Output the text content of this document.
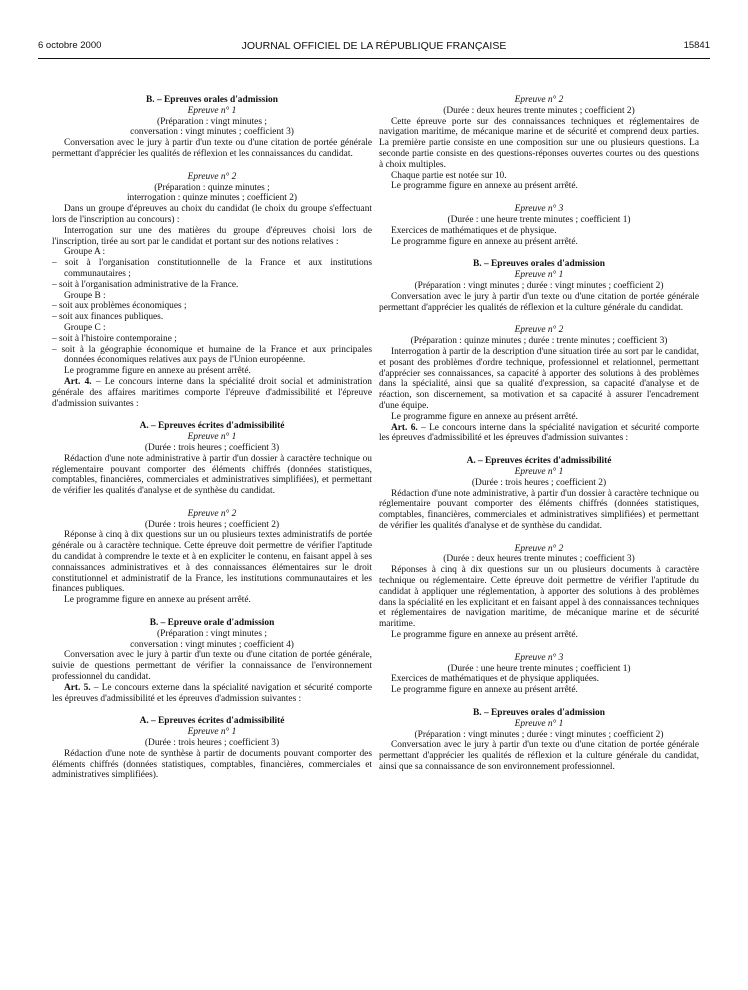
6 octobre 2000	JOURNAL OFFICIEL DE LA RÉPUBLIQUE FRANÇAISE	15841

B. – Epreuves orales d'admission

Epreuve n° 1

(Préparation : vingt minutes ;

conversation : vingt minutes ; coefficient 3)

Conversation avec le jury à partir d'un texte ou d'une citation de portée générale permettant d'apprécier les qualités de réflexion et les connaissances du candidat.

Epreuve n° 2

(Préparation : quinze minutes ;

interrogation : quinze minutes ; coefficient 2)

Dans un groupe d'épreuves au choix du candidat (le choix du groupe s'effectuant lors de l'inscription au concours) :

Interrogation sur une des matières du groupe d'épreuves choisi lors de l'inscription, tirée au sort par le candidat et portant sur des notions relatives :

Groupe A :

– soit à l'organisation constitutionnelle de la France et aux institutions communautaires ;

– soit à l'organisation administrative de la France.

Groupe B :

– soit aux problèmes économiques ;

– soit aux finances publiques.

Groupe C :

– soit à l'histoire contemporaine ;

– soit à la géographie économique et humaine de la France et aux principales données économiques relatives aux pays de l'Union européenne.

Le programme figure en annexe au présent arrêté.

Art. 4. – Le concours interne dans la spécialité droit social et administration générale des affaires maritimes comporte l'épreuve d'admissibilité et l'épreuve d'admission suivantes :

A. – Epreuves écrites d'admissibilité

Epreuve n° 1

(Durée : trois heures ; coefficient 3)

Rédaction d'une note administrative à partir d'un dossier à caractère technique ou réglementaire pouvant comporter des éléments chiffrés (données statistiques, comptables, financières, commerciales et administratives simplifiées), et permettant de vérifier les qualités d'analyse et de synthèse du candidat.

Epreuve n° 2

(Durée : trois heures ; coefficient 2)

Réponse à cinq à dix questions sur un ou plusieurs textes administratifs de portée générale ou à caractère technique. Cette épreuve doit permettre de vérifier l'aptitude du candidat à comprendre le texte et à en expliciter le contenu, en faisant appel à ses connaissances administratives et à des connaissances élémentaires sur le droit constitutionnel et administratif de la France, les institutions communautaires et les finances publiques.

Le programme figure en annexe au présent arrêté.

B. – Epreuve orale d'admission

(Préparation : vingt minutes ;

conversation : vingt minutes ; coefficient 4)

Conversation avec le jury à partir d'un texte ou d'une citation de portée générale, suivie de questions permettant de vérifier la connaissance de l'environnement professionnel du candidat.

Art. 5. – Le concours externe dans la spécialité navigation et sécurité comporte les épreuves d'admissibilité et les épreuves d'admission suivantes :

A. – Epreuves écrites d'admissibilité

Epreuve n° 1

(Durée : trois heures ; coefficient 3)

Rédaction d'une note de synthèse à partir de documents pouvant comporter des éléments chiffrés (données statistiques, comptables, financières, commerciales et administratives simplifiées).

Epreuve n° 2

(Durée : deux heures trente minutes ; coefficient 2)

Cette épreuve porte sur des connaissances techniques et réglementaires de navigation maritime, de mécanique marine et de sécurité et comprend deux parties. La première partie consiste en une composition sur une ou plusieurs questions. La seconde partie consiste en des questions-réponses ouvertes courtes ou des questions à choix multiples.

Chaque partie est notée sur 10.

Le programme figure en annexe au présent arrêté.

Epreuve n° 3

(Durée : une heure trente minutes ; coefficient 1)

Exercices de mathématiques et de physique.

Le programme figure en annexe au présent arrêté.

B. – Epreuves orales d'admission

Epreuve n° 1

(Préparation : vingt minutes ; durée : vingt minutes ; coefficient 2)

Conversation avec le jury à partir d'un texte ou d'une citation de portée générale permettant d'apprécier les qualités de réflexion et la culture générale du candidat.

Epreuve n° 2

(Préparation : quinze minutes ; durée : trente minutes ; coefficient 3)

Interrogation à partir de la description d'une situation tirée au sort par le candidat, et posant des problèmes d'ordre technique, professionnel et relationnel, permettant d'apprécier ses connaissances, sa capacité à apporter des solutions à des problèmes dans la spécialité, ainsi que sa qualité d'expression, sa capacité d'analyse et de réaction, son discernement, sa motivation et sa capacité à assurer l'encadrement d'une équipe.

Le programme figure en annexe au présent arrêté.

Art. 6. – Le concours interne dans la spécialité navigation et sécurité comporte les épreuves d'admissibilité et les épreuves d'admission suivantes :

A. – Epreuves écrites d'admissibilité

Epreuve n° 1

(Durée : trois heures ; coefficient 2)

Rédaction d'une note administrative, à partir d'un dossier à caractère technique ou réglementaire pouvant comporter des éléments chiffrés (données statistiques, comptables, financières, commerciales et administratives simplifiées) et permettant de vérifier les qualités d'analyse et de synthèse du candidat.

Epreuve n° 2

(Durée : deux heures trente minutes ; coefficient 3)

Réponses à cinq à dix questions sur un ou plusieurs documents à caractère technique ou réglementaire. Cette épreuve doit permettre de vérifier l'aptitude du candidat à appliquer une réglementation, à apporter des solutions à des problèmes dans la spécialité en les explicitant et en faisant appel à des connaissances techniques et réglementaires de navigation maritime, de mécanique marine et de sécurité maritime.

Le programme figure en annexe au présent arrêté.

Epreuve n° 3

(Durée : une heure trente minutes ; coefficient 1)

Exercices de mathématiques et de physique appliquées.

Le programme figure en annexe au présent arrêté.

B. – Epreuves orales d'admission

Epreuve n° 1

(Préparation : vingt minutes ; durée : vingt minutes ; coefficient 2)

Conversation avec le jury à partir d'un texte ou d'une citation de portée générale permettant d'apprécier les qualités de réflexion et la culture générale du candidat, ainsi que sa connaissance de son environnement professionnel.
